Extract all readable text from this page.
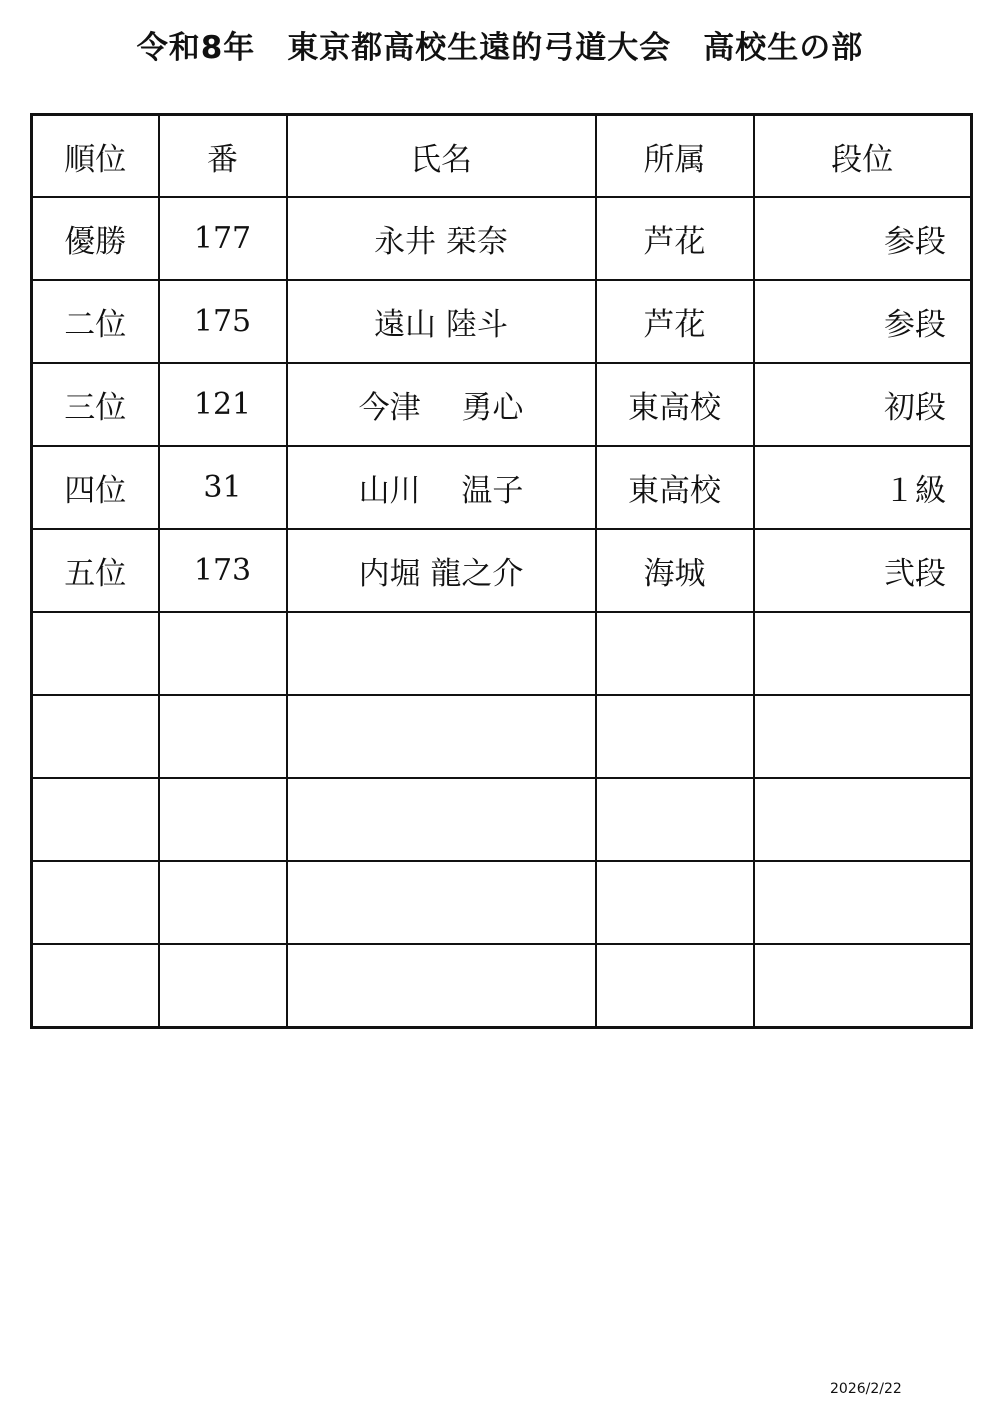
令和8年　東京都高校生遠的弓道大会　高校生の部
順位	番	氏名	所属	段位
優勝	177	永井 栞奈	芦花	参段
二位	175	遠山 陸斗	芦花	参段
三位	121	今津　 勇心	東高校	初段
四位	31	山川　 温子	東高校	１級
五位	173	内堀 龍之介	海城	弐段

2026/2/22
